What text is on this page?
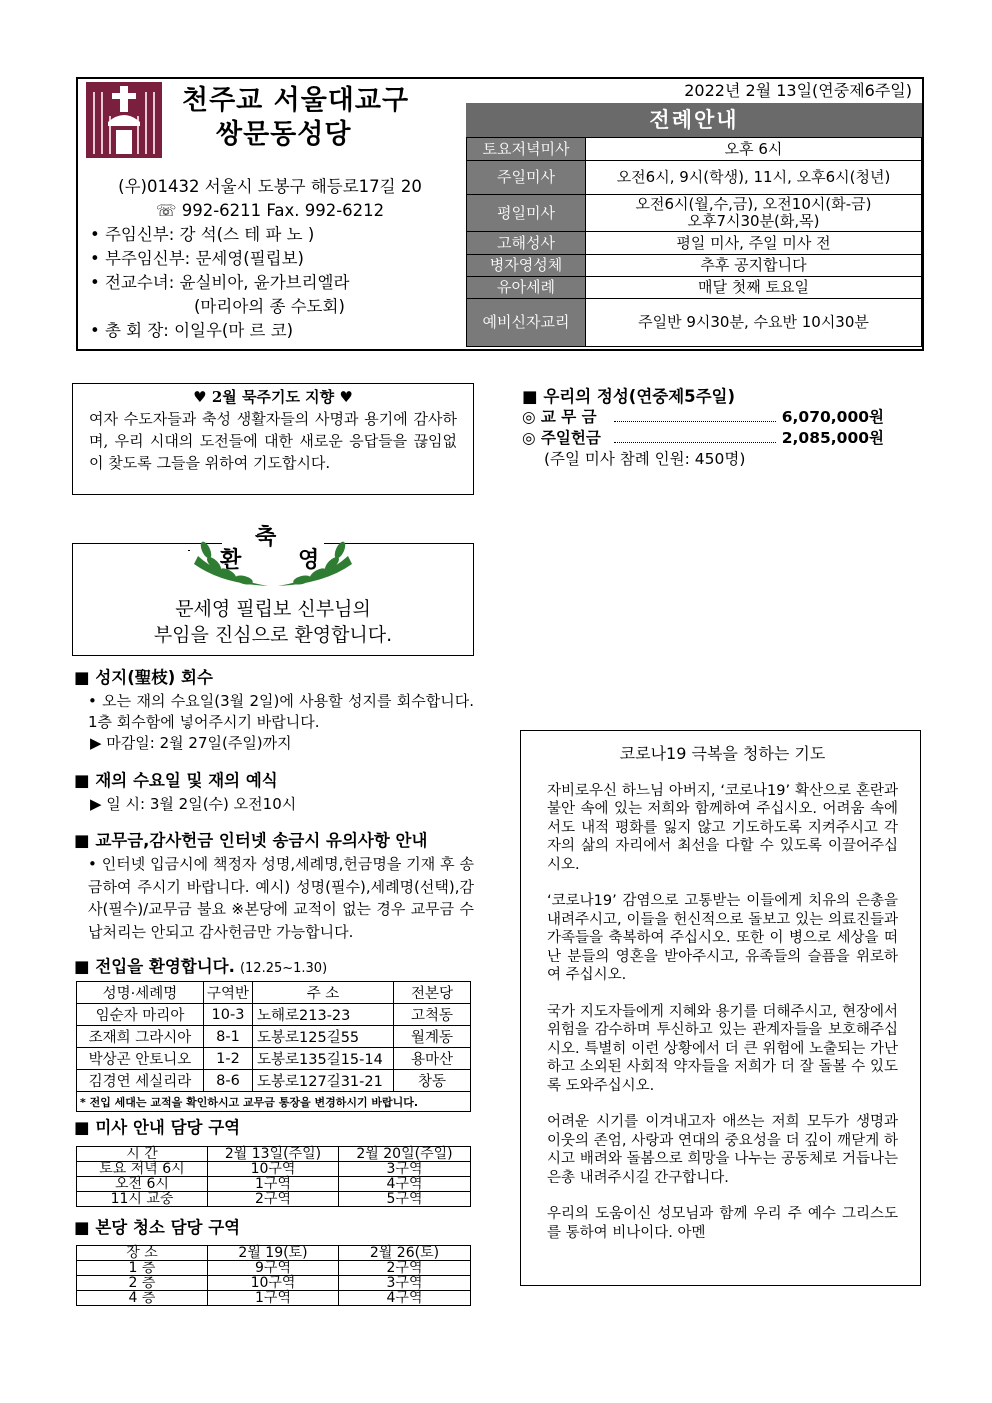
천주교 서울대교구
쌍문동성당
(우)01432 서울시 도봉구 해등로17길 20
☏ 992-6211 Fax. 992-6212
• 주임신부: 강 석(스 테 파 노 )
• 부주임신부: 문세영(필립보)
• 전교수녀: 윤실비아, 윤가브리엘라
(마리아의 종 수도회)
• 총 회 장: 이일우(마 르 코)
2022년 2월 13일(연중제6주일)
전례안내
토요저녁미사	오후 6시
주일미사	오전6시, 9시(학생), 11시, 오후6시(청년)
평일미사	오전6시(월,수,금), 오전10시(화-금)
오후7시30분(화,목)

고해성사	평일 미사, 주일 미사 전
병자영성체	추후 공지합니다
유아세례	매달 첫째 토요일
예비신자교리	주일반 9시30분, 수요반 10시30분
♥ 2월 묵주기도 지향 ♥
여자 수도자들과 축성 생활자들의 사명과 용기에 감사하며, 우리 시대의 도전들에 대한 새로운 응답들을 끊임없이 찾도록 그들을 위하여 기도합시다.
■ 우리의 정성(연중제5주일)
◎ 교 무 금	6,070,000원
◎ 주일헌금	2,085,000원
(주일 미사 참례 인원: 450명)
축
환	영
문세영 필립보 신부님의
부임을 진심으로 환영합니다.
■ 성지(聖枝) 회수
• 오는 재의 수요일(3월 2일)에 사용할 성지를 회수합니다. 1층 회수함에 넣어주시기 바랍니다.
▶ 마감일: 2월 27일(주일)까지
■ 재의 수요일 및 재의 예식
▶ 일 시: 3월 2일(수) 오전10시
■ 교무금,감사헌금 인터넷 송금시 유의사항 안내
• 인터넷 입금시에 책정자 성명,세례명,헌금명을 기재 후 송금하여 주시기 바랍니다. 예시) 성명(필수),세례명(선택),감사(필수)/교무금 불요 ※본당에 교적이 없는 경우 교무금 수납처리는 안되고 감사헌금만 가능합니다.
■ 전입을 환영합니다. (12.25~1.30)
성명·세례명	구역반	주 소	전본당
임순자 마리아	10-3	노해로213-23	고척동
조재희 그라시아	8-1	도봉로125길55	월계동
박상곤 안토니오	1-2	도봉로135길15-14	용마산
김경연 세실리라	8-6	도봉로127길31-21	창동
* 전입 세대는 교적을 확인하시고 교무금 통장을 변경하시기 바랍니다.			
■ 미사 안내 담당 구역
시 간	2월 13일(주일)	2월 20일(주일)
토요 저녁 6시	10구역	3구역
오전 6시	1구역	4구역
11시 교중	2구역	5구역
■ 본당 청소 담당 구역
장 소	2월 19(토)	2월 26(토)
1 층	9구역	2구역
2 층	10구역	3구역
4 층	1구역	4구역
코로나19 극복을 청하는 기도

자비로우신 하느님 아버지, ‘코로나19’ 확산으로 혼란과 불안 속에 있는 저희와 함께하여 주십시오. 어려움 속에서도 내적 평화를 잃지 않고 기도하도록 지켜주시고 각자의 삶의 자리에서 최선을 다할 수 있도록 이끌어주십시오.

‘코로나19’ 감염으로 고통받는 이들에게 치유의 은총을 내려주시고, 이들을 헌신적으로 돌보고 있는 의료진들과 가족들을 축복하여 주십시오. 또한 이 병으로 세상을 떠난 분들의 영혼을 받아주시고, 유족들의 슬픔을 위로하여 주십시오.

국가 지도자들에게 지혜와 용기를 더해주시고, 현장에서 위험을 감수하며 투신하고 있는 관계자들을 보호해주십시오. 특별히 이런 상황에서 더 큰 위험에 노출되는 가난하고 소외된 사회적 약자들을 저희가 더 잘 돌볼 수 있도록 도와주십시오.

어려운 시기를 이겨내고자 애쓰는 저희 모두가 생명과 이웃의 존엄, 사랑과 연대의 중요성을 더 깊이 깨닫게 하시고 배려와 돌봄으로 희망을 나누는 공동체로 거듭나는 은총 내려주시길 간구합니다.

우리의 도움이신 성모님과 함께 우리 주 예수 그리스도를 통하여 비나이다. 아멘
